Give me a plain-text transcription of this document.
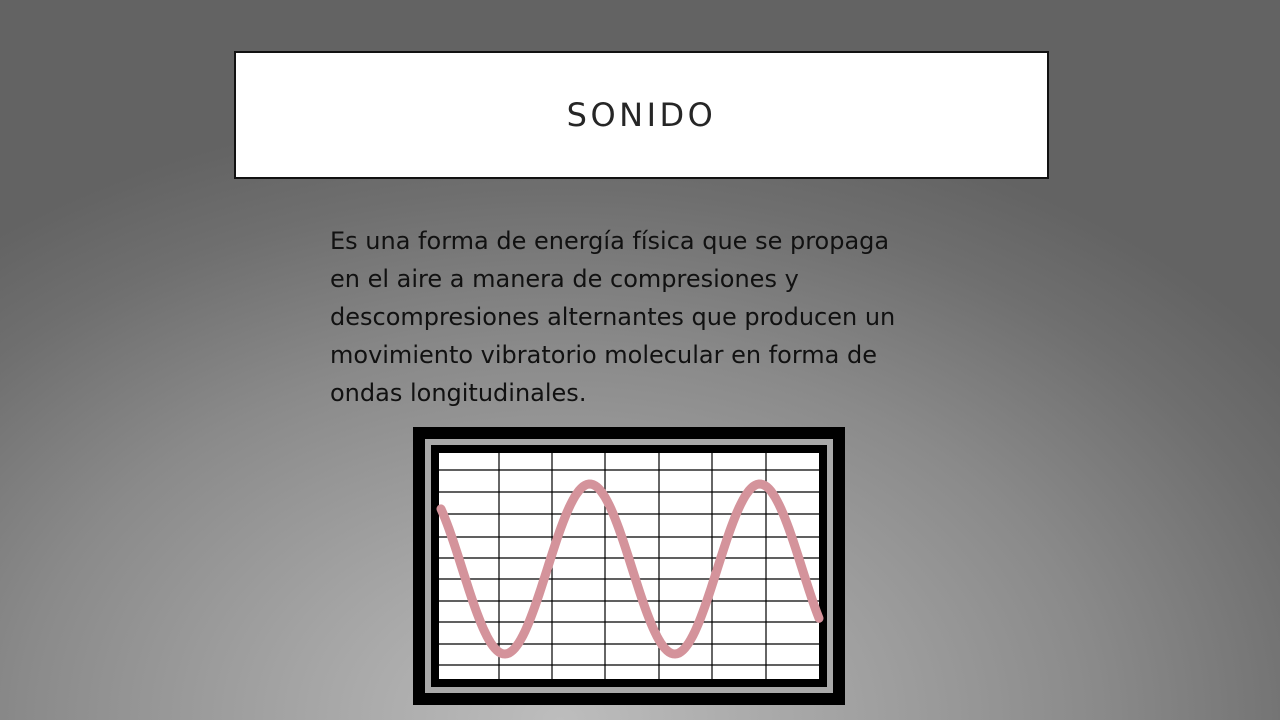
SONIDO
Es una forma de energía física que se propaga
en el aire a manera de compresiones y
descompresiones alternantes que producen un
movimiento vibratorio molecular en forma de
ondas longitudinales.
